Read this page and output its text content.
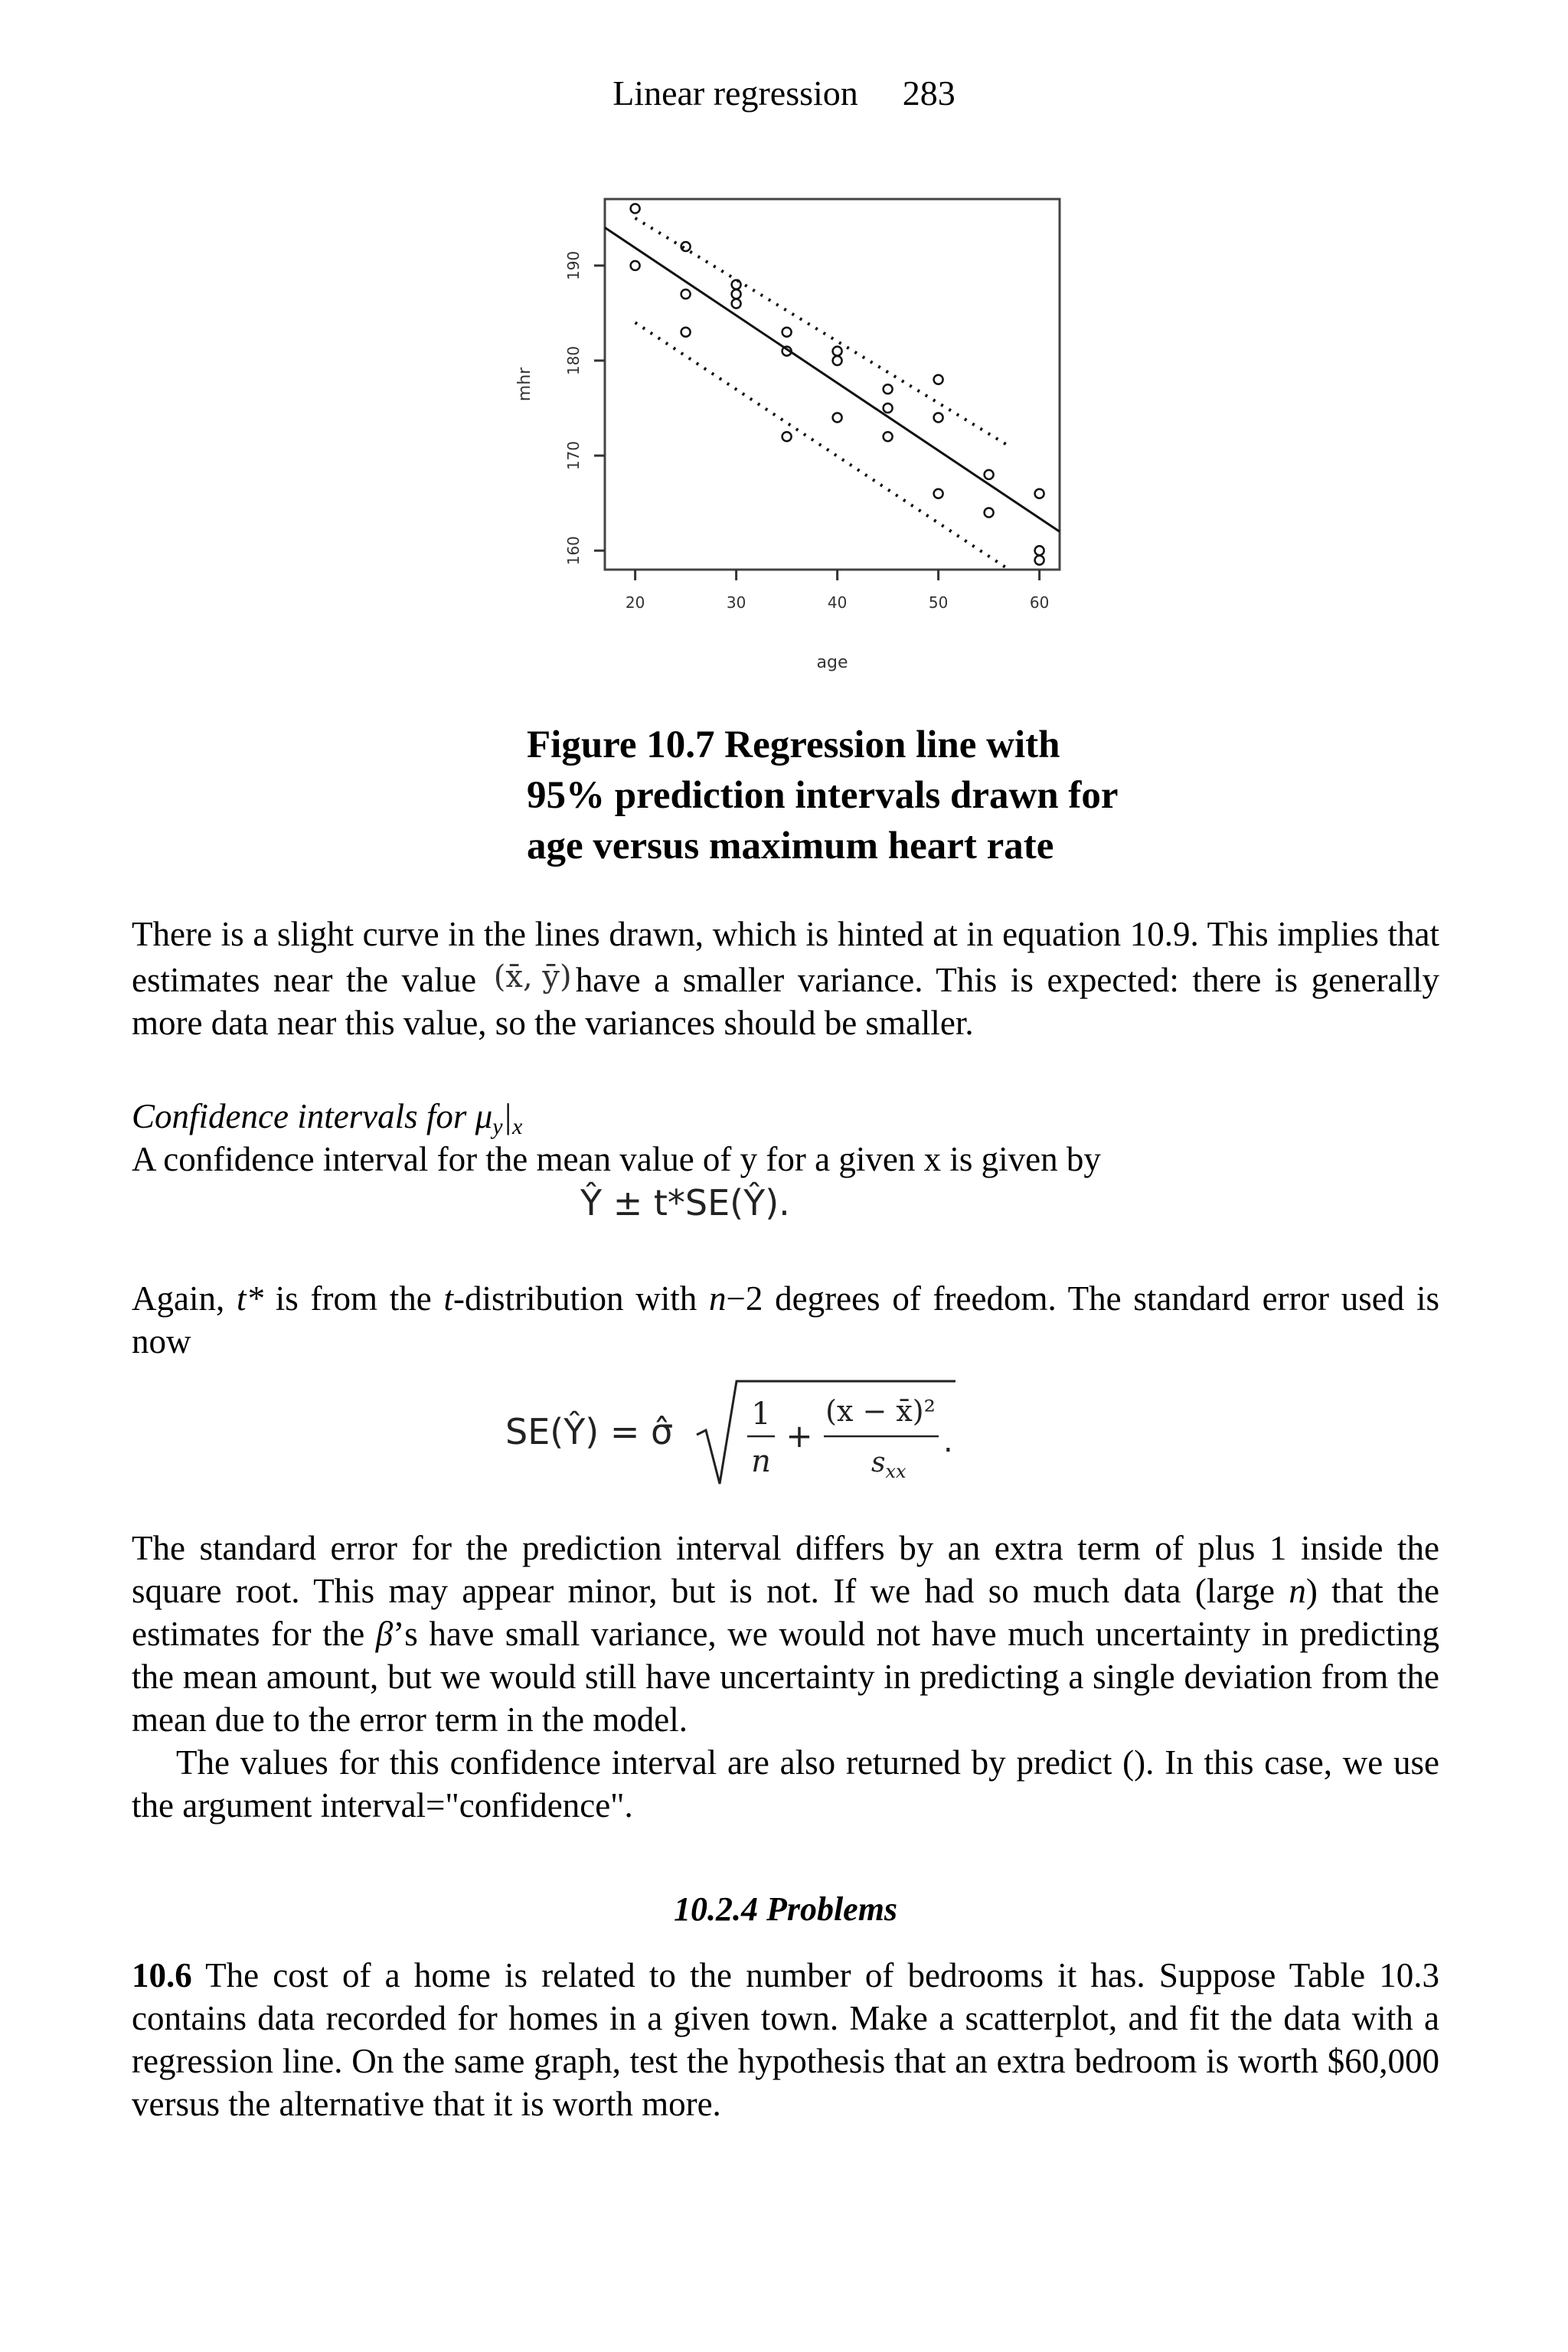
Linear regression 283
20	30	40	50	60
160
170
180
190
age
mhr
Figure 10.7 Regression line with
95% prediction intervals drawn for
age versus maximum heart rate
There is a slight curve in the lines drawn, which is hinted at in equation 10.9. This implies that estimates near the value (x̄, ȳ) have a smaller variance. This is expected: there is generally more data near this value, so the variances should be smaller.
Confidence intervals for $\mu_y|_x$
A confidence interval for the mean value of y for a given x is given by
Ŷ ± t*SE(Ŷ).
Again, t* is from the t-distribution with n−2 degrees of freedom. The standard error used is now
SE(Ŷ) = σ̂	1
n
+
(x − x̄)²
$s_{xx}$
.
The standard error for the prediction interval differs by an extra term of plus 1 inside the square root. This may appear minor, but is not. If we had so much data (large n) that the estimates for the β’s have small variance, we would not have much uncertainty in predicting the mean amount, but we would still have uncertainty in predicting a single deviation from the mean due to the error term in the model.
The values for this confidence interval are also returned by predict (). In this case, we use the argument interval="confidence".
10.2.4 Problems
10.6 The cost of a home is related to the number of bedrooms it has. Suppose Table 10.3 contains data recorded for homes in a given town. Make a scatterplot, and fit the data with a regression line. On the same graph, test the hypothesis that an extra bedroom is worth $60,000 versus the alternative that it is worth more.
